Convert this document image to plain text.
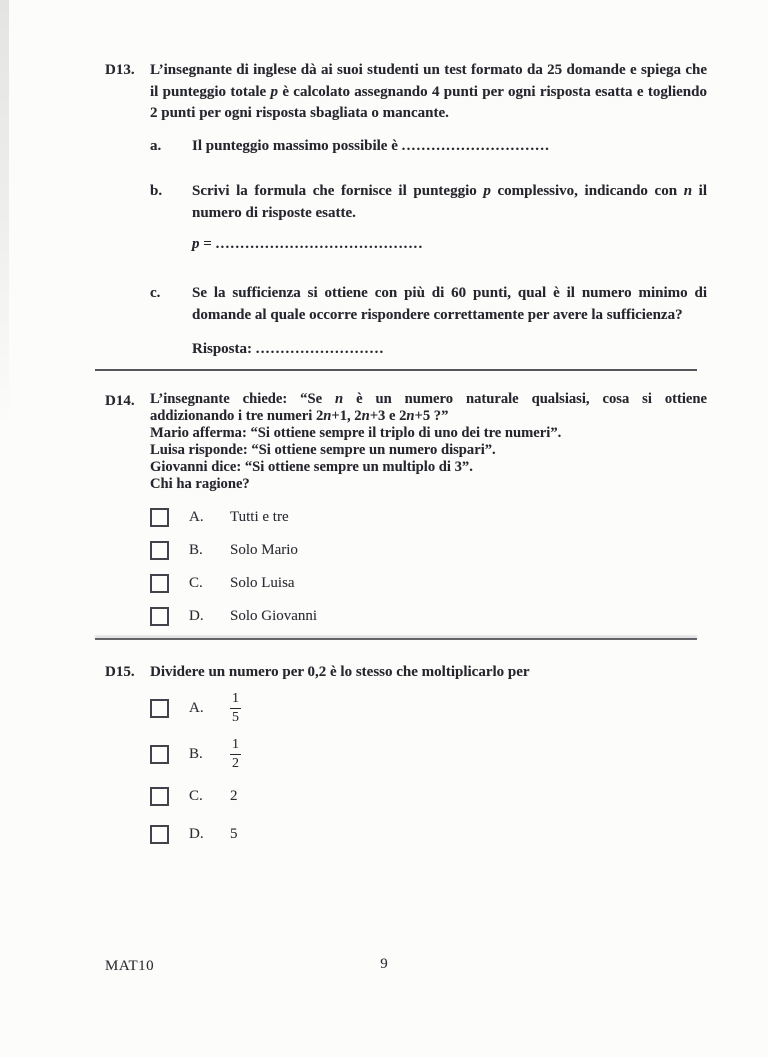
D13.	L’insegnante di inglese dà ai suoi studenti un test formato da 25 domande e spiega che il punteggio totale p è calcolato assegnando 4 punti per ogni risposta esatta e togliendo 2 punti per ogni risposta sbagliata o mancante.

a.	Il punteggio massimo possibile è ..............................
b.	Scrivi la formula che fornisce il punteggio p complessivo, indicando con n il numero di risposte esatte.
p = ..........................................
c.	Se la sufficienza si ottiene con più di 60 punti, qual è il numero minimo di domande al quale occorre rispondere correttamente per avere la sufficienza?
Risposta: ..........................
D14.	L’insegnante chiede: “Se n è un numero naturale qualsiasi, cosa si ottiene

addizionando i tre numeri 2n+1, 2n+3 e 2n+5 ?”

Mario afferma: “Si ottiene sempre il triplo di uno dei tre numeri”.

Luisa risponde: “Si ottiene sempre un numero dispari”.

Giovanni dice: “Si ottiene sempre un multiplo di 3”.

Chi ha ragione?

A.	Tutti e tre
B.	Solo Mario
C.	Solo Luisa
D.	Solo Giovanni
D15.	Dividere un numero per 0,2 è lo stesso che moltiplicarlo per

A.	$\frac{1}{5}$
B.	$\frac{1}{2}$
C.	2
D.	5
MAT10	9
